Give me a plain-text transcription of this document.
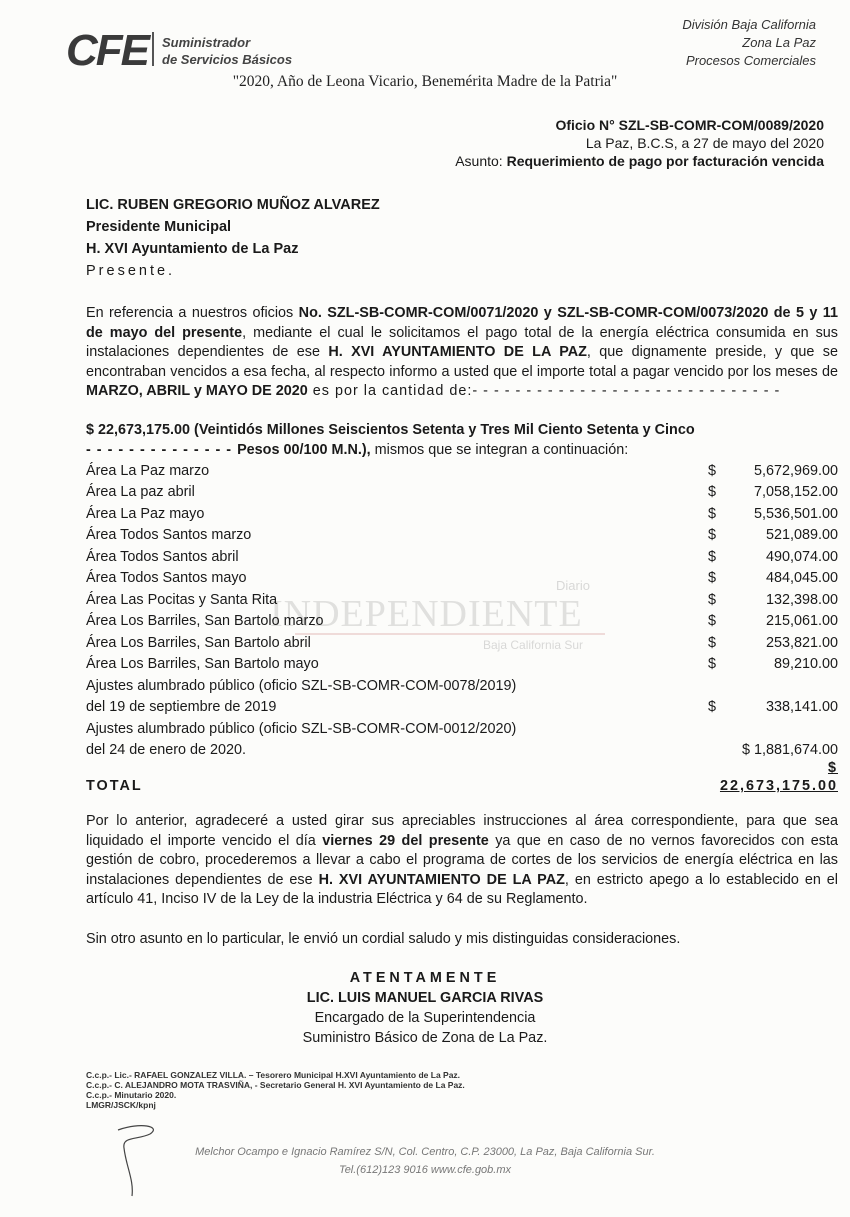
CFE Suministrador
de Servicios Básicos
División Baja California
Zona La Paz
Procesos Comerciales
"2020, Año de Leona Vicario, Benemérita Madre de la Patria"
Oficio N° SZL-SB-COMR-COM/0089/2020
La Paz, B.C.S, a 27 de mayo del 2020
Asunto: Requerimiento de pago por facturación vencida
LIC. RUBEN GREGORIO MUÑOZ ALVAREZ
Presidente Municipal
H. XVI Ayuntamiento de La Paz
Presente.
En referencia a nuestros oficios No. SZL-SB-COMR-COM/0071/2020 y SZL-SB-COMR-COM/0073/2020 de 5 y 11 de mayo del presente, mediante el cual le solicitamos el pago total de la energía eléctrica consumida en sus instalaciones dependientes de ese H. XVI AYUNTAMIENTO DE LA PAZ, que dignamente preside, y que se encontraban vencidos a esa fecha, al respecto informo a usted que el importe total a pagar vencido por los meses de MARZO, ABRIL y MAYO DE 2020 es por la cantidad de:- - - - - - - - - - - - - - - - - - - - - - - - - - - - -
$ 22,673,175.00 (Veintidós Millones Seiscientos Setenta y Tres Mil Ciento Setenta y Cinco
- - - - - - - - - - - - - - Pesos 00/100 M.N.), mismos que se integran a continuación:
Diario
INDEPENDIENTE
Baja California Sur
Área La Paz marzo	$ 5,672,969.00
Área La paz abril	$ 7,058,152.00
Área La Paz mayo	$ 5,536,501.00
Área Todos Santos marzo	$ 521,089.00
Área Todos Santos abril	$ 490,074.00
Área Todos Santos mayo	$ 484,045.00
Área Las Pocitas y Santa Rita	$ 132,398.00
Área Los Barriles, San Bartolo marzo	$ 215,061.00
Área Los Barriles, San Bartolo abril	$ 253,821.00
Área Los Barriles, San Bartolo mayo	$ 89,210.00
Ajustes alumbrado público (oficio SZL-SB-COMR-COM-0078/2019)	
del 19 de septiembre de 2019	$ 338,141.00
Ajustes alumbrado público (oficio SZL-SB-COMR-COM-0012/2020)	
del 24 de enero de 2020.	$ 1,881,674.00
TOTAL	$ 22,673,175.00
Por lo anterior, agradeceré a usted girar sus apreciables instrucciones al área correspondiente, para que sea liquidado el importe vencido el día viernes 29 del presente ya que en caso de no vernos favorecidos con esta gestión de cobro, procederemos a llevar a cabo el programa de cortes de los servicios de energía eléctrica en las instalaciones dependientes de ese H. XVI AYUNTAMIENTO DE LA PAZ, en estricto apego a lo establecido en el artículo 41, Inciso IV de la Ley de la industria Eléctrica y 64 de su Reglamento.
Sin otro asunto en lo particular, le envió un cordial saludo y mis distinguidas consideraciones.
ATENTAMENTE
LIC. LUIS MANUEL GARCIA RIVAS
Encargado de la Superintendencia
Suministro Básico de Zona de La Paz.
C.c.p.- Lic.- RAFAEL GONZALEZ VILLA. – Tesorero Municipal H.XVI Ayuntamiento de La Paz.
C.c.p.- C. ALEJANDRO MOTA TRASVIÑA, - Secretario General H. XVI Ayuntamiento de La Paz.
C.c.p.- Minutario 2020.
LMGR/JSCK/kpnj
Melchor Ocampo e Ignacio Ramírez S/N, Col. Centro, C.P. 23000, La Paz, Baja California Sur.
Tel.(612)123 9016 www.cfe.gob.mx
